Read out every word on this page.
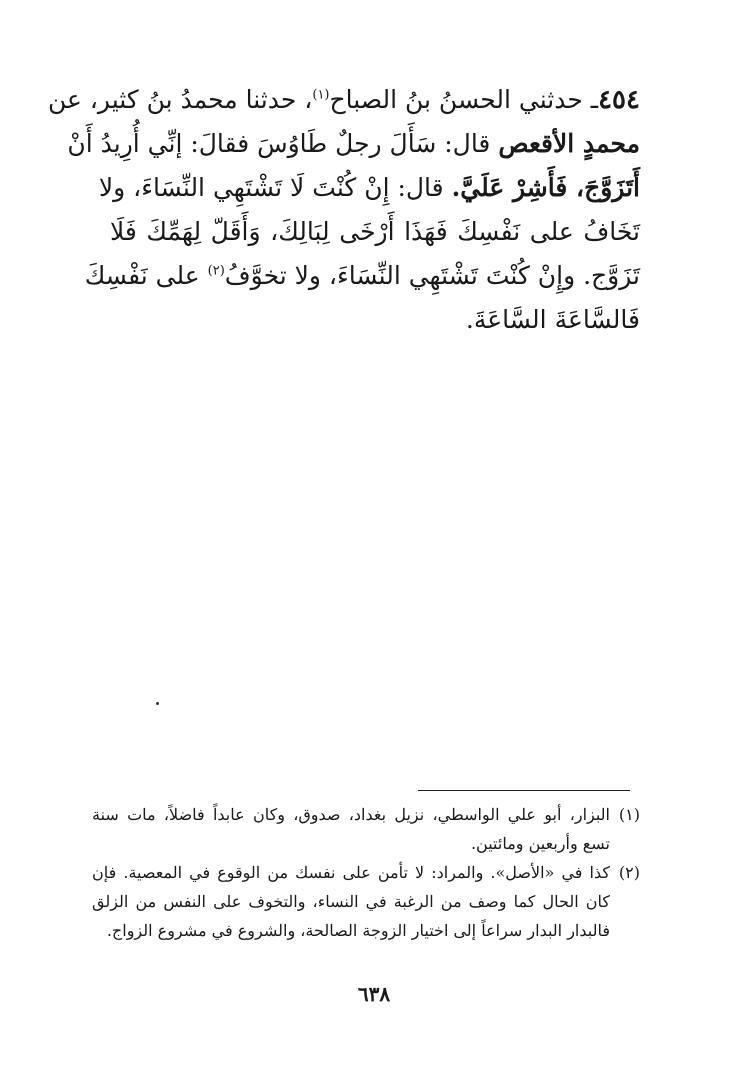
٤٥٤ـ حدثني الحسنُ بنُ الصباح$^{(١)}$، حدثنا محمدُ بنُ كثير، عن
محمدٍ الأقعص قال: سَأَلَ رجلٌ طَاوُسَ فقالَ: إنِّي أُرِيدُ أَنْ
أَتَزَوَّجَ، فَأَشِرْ عَلَيَّ. قال: إِنْ كُنْتَ لَا تَشْتَهِي النِّسَاءَ، ولا
تَخَافُ على نَفْسِكَ فَهَذَا أَرْخَى لِبَالِكَ، وَأَقَلّ لِهَمِّكَ فَلَا
تَزَوَّج. وإِنْ كُنْتَ تَشْتَهِي النِّسَاءَ، ولا تخوَّفُ$^{(٢)}$ على نَفْسِكَ
فَالسَّاعَةَ السَّاعَةَ.
(١)
البزار، أبو علي الواسطي، نزيل بغداد، صدوق، وكان عابداً فاضلاً، مات سنة
تسع وأربعين ومائتين.
(٢)
كذا في «الأصل». والمراد: لا تأمن على نفسك من الوقوع في المعصية. فإن
كان الحال كما وصف من الرغبة في النساء، والتخوف على النفس من الزلق
فالبدار البدار سراعاً إلى اختيار الزوجة الصالحة، والشروع في مشروع الزواج.
٦٣٨
